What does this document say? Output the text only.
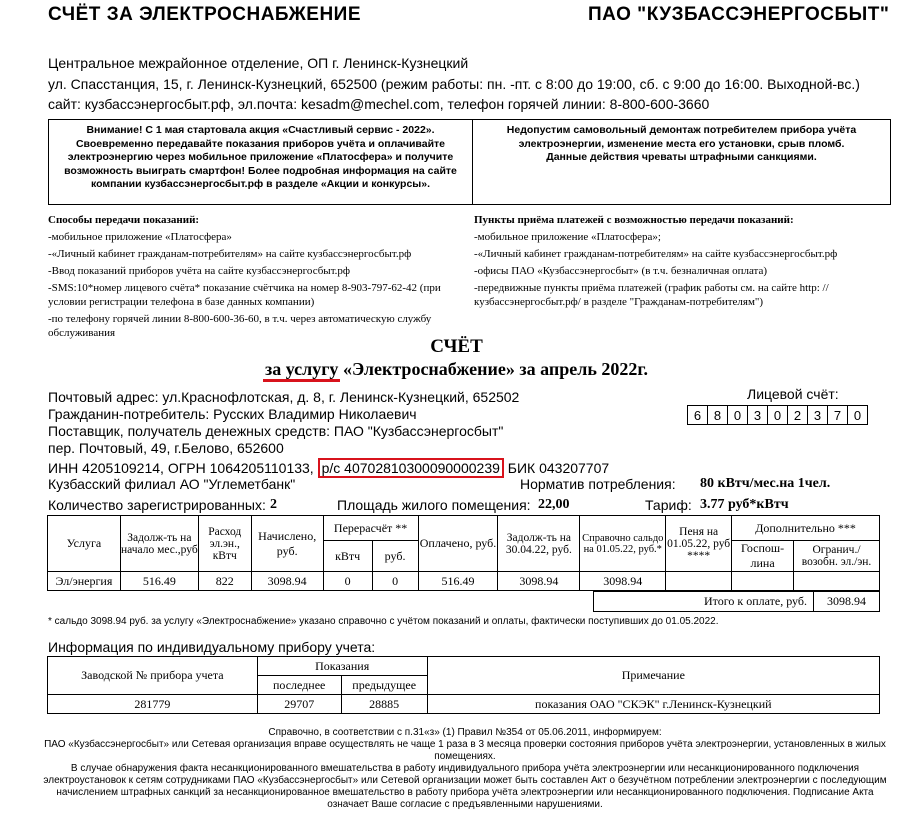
СЧЁТ ЗА ЭЛЕКТРОСНАБЖЕНИЕ	ПАО "КУЗБАССЭНЕРГОСБЫТ"
Центральное межрайонное отделение, ОП г. Ленинск-Кузнецкий
ул. Спасстанция, 15, г. Ленинск-Кузнецкий, 652500 (режим работы: пн. -пт. с 8:00 до 19:00, сб. с 9:00 до 16:00. Выходной-вс.)
сайт: кузбассэнергосбыт.рф, эл.почта: kesadm@mechel.com, телефон горячей линии: 8-800-600-3660
Внимание! С 1 мая стартовала акция «Счастливый сервис - 2022». Своевременно передавайте показания приборов учёта и оплачивайте электроэнергию через мобильное приложение «Платосфера» и получите возможность выиграть смартфон! Более подробная информация на сайте компании кузбассэнергосбыт.рф в разделе «Акции и конкурсы».
Недопустим самовольный демонтаж потребителем прибора учёта электроэнергии, изменение места его установки, срыв пломб. Данные действия чреваты штрафными санкциями.
Способы передачи показаний:
-мобильное приложение «Платосфера»
-«Личный кабинет гражданам-потребителям» на сайте кузбассэнергосбыт.рф
-Ввод показаний приборов учёта на сайте кузбассэнергосбыт.рф
-SMS:10*номер лицевого счёта* показание счётчика на номер 8-903-797-62-42 (при условии регистрации телефона в базе данных компании)
-по телефону горячей линии 8-800-600-36-60, в т.ч. через автоматическую службу обслуживания
Пункты приёма платежей с возможностью передачи показаний:
-мобильное приложение «Платосфера»;
-«Личный кабинет гражданам-потребителям» на сайте кузбассэнергосбыт.рф
-офисы ПАО «Кузбассэнергосбыт» (в т.ч. безналичная оплата)
-передвижные пункты приёма платежей (график работы см. на сайте http: //кузбассэнергосбыт.рф/ в разделе "Гражданам-потребителям")
СЧЁТ
за услугу
«Электроснабжение» за апрель 2022г.
Почтовый адрес: ул.Краснофлотская, д. 8, г. Ленинск-Кузнецкий, 652502
Гражданин-потребитель: Русских Владимир Николаевич
Поставщик, получатель денежных средств: ПАО "Кузбассэнергосбыт"
пер. Почтовый, 49, г.Белово, 652600
ИНН 4205109214, ОГРН 1064205110133, р/с 40702810300090000239 БИК 043207707
Кузбасский филиал АО "Углеметбанк"
Лицевой счёт:
6 8 0 3 0 2 3 7 0
Норматив потребления: 80 кВтч/мес.на 1чел.
Количество зарегистрированных: 2	Площадь жилого помещения: 22,00	Тариф: 3.77 руб*кВтч
Услуга	Задолж-ть на начало мес.,руб	Расход эл.эн., кВтч	Начислено, руб.	Перерасчёт **		Оплачено, руб.	Задолж-ть на 30.04.22, руб.	Справочно сальдо на 01.05.22, руб.*	Пеня на 01.05.22, руб ****	Дополнительно ***	
				кВтч	руб.					Госпош-лина	Огранич./ возобн. эл./эн.
Эл/энергия	516.49	822	3098.94	0	0	516.49	3098.94	3098.94			
Итого к оплате, руб.	3098.94
* сальдо 3098.94 руб. за услугу «Электроснабжение» указано справочно с учётом показаний и оплаты, фактически поступивших до 01.05.2022.
Информация по индивидуальному прибору учета:
Заводской № прибора учета	Показания		Примечание
	последнее	предыдущее	
281779	29707	28885	показания ОАО "СКЭК" г.Ленинск-Кузнецкий
Справочно, в соответствии с п.31«з» (1) Правил №354 от 05.06.2011, информируем:
ПАО «Кузбассэнергосбыт» или Сетевая организация вправе осуществлять не чаще 1 раза в 3 месяца проверки состояния приборов учёта электроэнергии, установленных в жилых помещениях.
В случае обнаружения факта несанкционированного вмешательства в работу индивидуального прибора учёта электроэнергии или несанкционированного подключения электроустановок к сетям сотрудниками ПАО «Кузбассэнергосбыт» или Сетевой организации может быть составлен Акт о безучётном потреблении электроэнергии с последующим начислением штрафных санкций за несанкционированное вмешательство в работу прибора учёта электроэнергии или несанкционированного подключения. Подписание Акта означает Ваше согласие с предъявленными нарушениями.
